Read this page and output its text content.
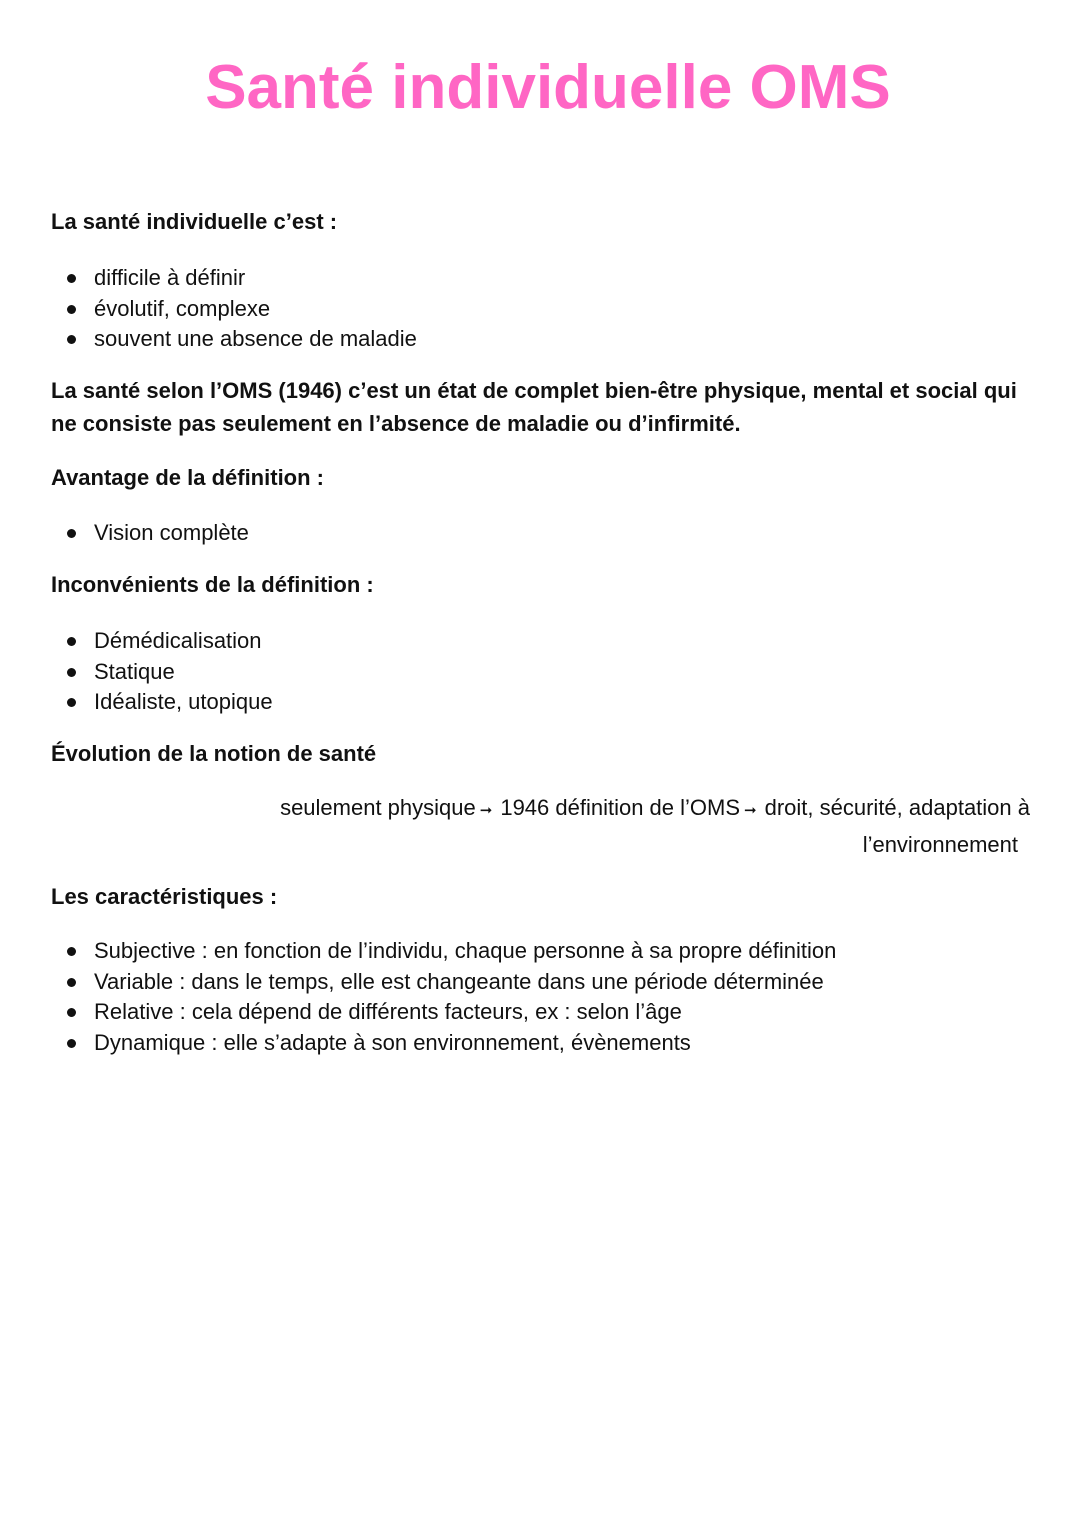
Santé individuelle OMS

La santé individuelle c’est :

difficile à définir
évolutif, complexe
souvent une absence de maladie

La santé selon l’OMS (1946) c’est un état de complet bien-être physique, mental et social qui ne consiste pas seulement en l’absence de maladie ou d’infirmité.

Avantage de la définition :

Vision complète

Inconvénients de la définition :

Démédicalisation
Statique
Idéaliste, utopique

Évolution de la notion de santé

seulement physique ➞ 1946 définition de l’OMS ➞ droit, sécurité, adaptation à
l’environnement

Les caractéristiques :

Subjective : en fonction de l’individu, chaque personne à sa propre définition
Variable : dans le temps, elle est changeante dans une période déterminée
Relative : cela dépend de différents facteurs, ex : selon l’âge
Dynamique : elle s’adapte à son environnement, évènements
